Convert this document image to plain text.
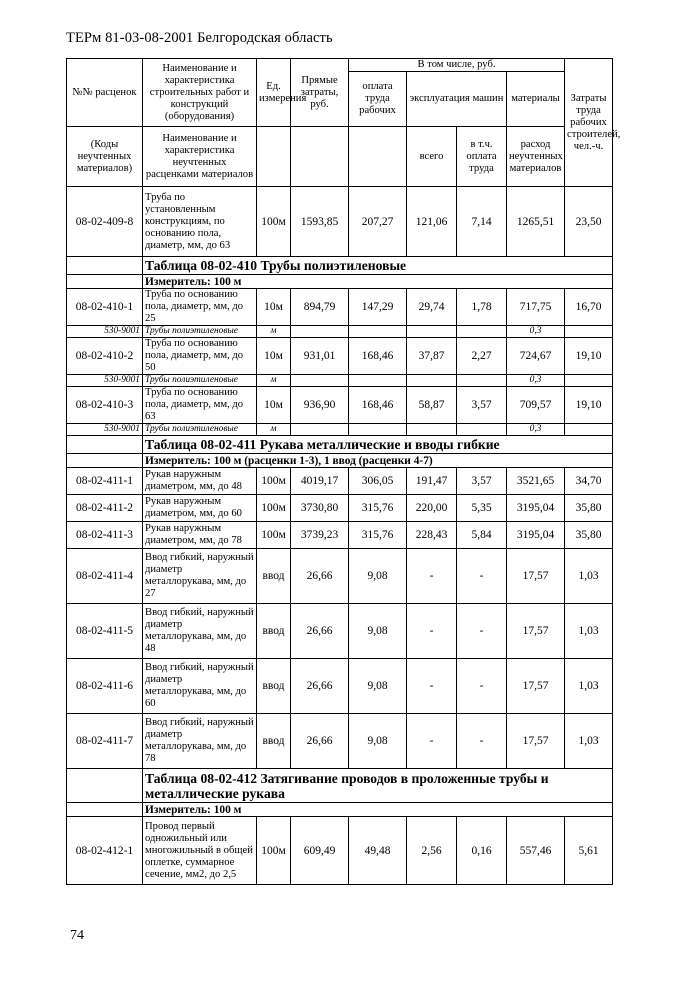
ТЕРм 81-03-08-2001 Белгородская область
№№ расценок	Наименование и характеристика строительных работ и конструкций (оборудования)	Ед. измерения	Прямые затраты, руб.	В том числе, руб.				Затраты труда рабочих строителей, чел.-ч.
				оплата труда рабочих	эксплуатация машин		материалы	
(Коды неучтенных материалов)	Наименование и характеристика неучтенных расценками материалов				всего	в т.ч. оплата труда	расход неучтенных материалов	
08-02-409-8	Труба по установленным конструкциям, по основанию пола, диаметр, мм, до 63	100м	1593,85	207,27	121,06	7,14	1265,51	23,50
	Таблица 08-02-410 Трубы полиэтиленовые							
	Измеритель: 100 м							
08-02-410-1	Труба по основанию пола, диаметр, мм, до 25	10м	894,79	147,29	29,74	1,78	717,75	16,70
530-9001	Трубы полиэтиленовые	м					0,3	
08-02-410-2	Труба по основанию пола, диаметр, мм, до 50	10м	931,01	168,46	37,87	2,27	724,67	19,10
530-9001	Трубы полиэтиленовые	м					0,3	
08-02-410-3	Труба по основанию пола, диаметр, мм, до 63	10м	936,90	168,46	58,87	3,57	709,57	19,10
530-9001	Трубы полиэтиленовые	м					0,3	
	Таблица 08-02-411 Рукава металлические и вводы гибкие							
	Измеритель: 100 м (расценки 1-3), 1 ввод (расценки 4-7)							
08-02-411-1	Рукав наружным диаметром, мм, до 48	100м	4019,17	306,05	191,47	3,57	3521,65	34,70
08-02-411-2	Рукав наружным диаметром, мм, до 60	100м	3730,80	315,76	220,00	5,35	3195,04	35,80
08-02-411-3	Рукав наружным диаметром, мм, до 78	100м	3739,23	315,76	228,43	5,84	3195,04	35,80
08-02-411-4	Ввод гибкий, наружный диаметр металлорукава, мм, до 27	ввод	26,66	9,08	-	-	17,57	1,03
08-02-411-5	Ввод гибкий, наружный диаметр металлорукава, мм, до 48	ввод	26,66	9,08	-	-	17,57	1,03
08-02-411-6	Ввод гибкий, наружный диаметр металлорукава, мм, до 60	ввод	26,66	9,08	-	-	17,57	1,03
08-02-411-7	Ввод гибкий, наружный диаметр металлорукава, мм, до 78	ввод	26,66	9,08	-	-	17,57	1,03
	Таблица 08-02-412 Затягивание проводов в проложенные трубы и металлические рукава							
	Измеритель: 100 м							
08-02-412-1	Провод первый одножильный или многожильный в общей оплетке, суммарное сечение, мм2, до 2,5	100м	609,49	49,48	2,56	0,16	557,46	5,61
74
